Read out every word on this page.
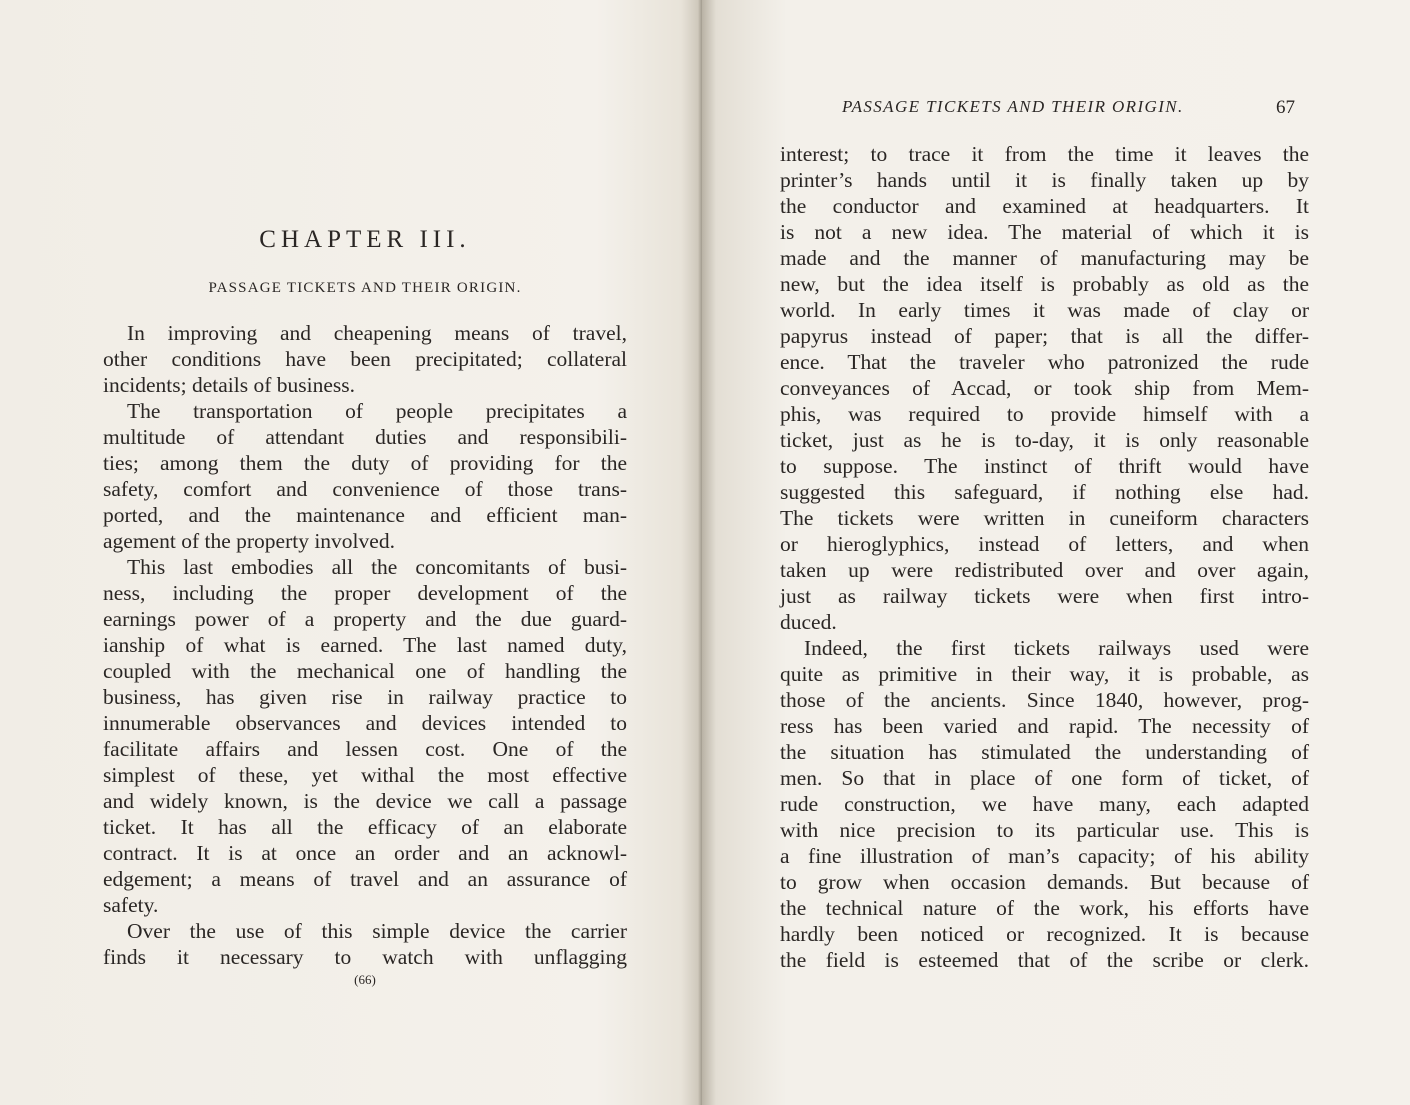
CHAPTER III.
PASSAGE TICKETS AND THEIR ORIGIN.
In improving and cheapening means of travel,
other conditions have been precipitated; collateral
incidents; details of business.
The transportation of people precipitates a
multitude of attendant duties and responsibili-
ties; among them the duty of providing for the
safety, comfort and convenience of those trans-
ported, and the maintenance and efficient man-
agement of the property involved.
This last embodies all the concomitants of busi-
ness, including the proper development of the
earnings power of a property and the due guard-
ianship of what is earned. The last named duty,
coupled with the mechanical one of handling the
business, has given rise in railway practice to
innumerable observances and devices intended to
facilitate affairs and lessen cost. One of the
simplest of these, yet withal the most effective
and widely known, is the device we call a passage
ticket. It has all the efficacy of an elaborate
contract. It is at once an order and an acknowl-
edgement; a means of travel and an assurance of
safety.
Over the use of this simple device the carrier
finds it necessary to watch with unflagging
(66)
PASSAGE TICKETS AND THEIR ORIGIN.	67
interest; to trace it from the time it leaves the
printer’s hands until it is finally taken up by
the conductor and examined at headquarters. It
is not a new idea. The material of which it is
made and the manner of manufacturing may be
new, but the idea itself is probably as old as the
world. In early times it was made of clay or
papyrus instead of paper; that is all the differ-
ence. That the traveler who patronized the rude
conveyances of Accad, or took ship from Mem-
phis, was required to provide himself with a
ticket, just as he is to-day, it is only reasonable
to suppose. The instinct of thrift would have
suggested this safeguard, if nothing else had.
The tickets were written in cuneiform characters
or hieroglyphics, instead of letters, and when
taken up were redistributed over and over again,
just as railway tickets were when first intro-
duced.
Indeed, the first tickets railways used were
quite as primitive in their way, it is probable, as
those of the ancients. Since 1840, however, prog-
ress has been varied and rapid. The necessity of
the situation has stimulated the understanding of
men. So that in place of one form of ticket, of
rude construction, we have many, each adapted
with nice precision to its particular use. This is
a fine illustration of man’s capacity; of his ability
to grow when occasion demands. But because of
the technical nature of the work, his efforts have
hardly been noticed or recognized. It is because
the field is esteemed that of the scribe or clerk.
